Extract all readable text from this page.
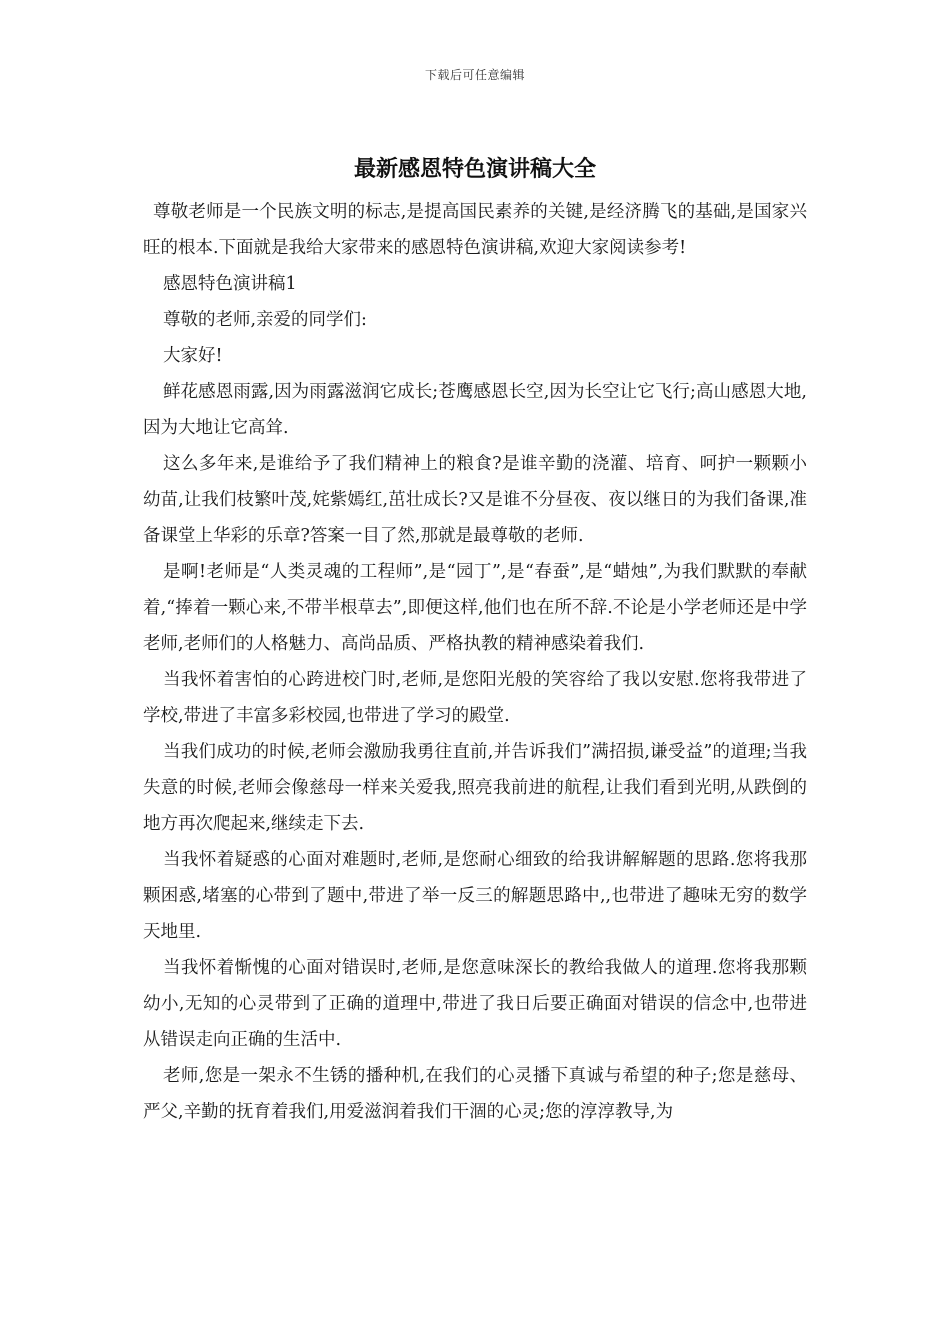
下载后可任意编辑
最新感恩特色演讲稿大全

尊敬老师是一个民族文明的标志,是提高国民素养的关键,是经济腾飞的基础,是国家兴旺的根本.下面就是我给大家带来的感恩特色演讲稿,欢迎大家阅读参考!

感恩特色演讲稿1

尊敬的老师,亲爱的同学们:

大家好!

鲜花感恩雨露,因为雨露滋润它成长;苍鹰感恩长空,因为长空让它飞行;高山感恩大地,因为大地让它高耸.

这么多年来,是谁给予了我们精神上的粮食?是谁辛勤的浇灌、培育、呵护一颗颗小幼苗,让我们枝繁叶茂,姹紫嫣红,茁壮成长?又是谁不分昼夜、夜以继日的为我们备课,准备课堂上华彩的乐章?答案一目了然,那就是最尊敬的老师.

是啊!老师是“人类灵魂的工程师”,是“园丁”,是“春蚕”,是“蜡烛”,为我们默默的奉献着,“捧着一颗心来,不带半根草去”,即便这样,他们也在所不辞.不论是小学老师还是中学老师,老师们的人格魅力、高尚品质、严格执教的精神感染着我们.

当我怀着害怕的心跨进校门时,老师,是您阳光般的笑容给了我以安慰.您将我带进了学校,带进了丰富多彩校园,也带进了学习的殿堂.

当我们成功的时候,老师会激励我勇往直前,并告诉我们”满招损,谦受益”的道理;当我失意的时候,老师会像慈母一样来关爱我,照亮我前进的航程,让我们看到光明,从跌倒的地方再次爬起来,继续走下去.

当我怀着疑惑的心面对难题时,老师,是您耐心细致的给我讲解解题的思路.您将我那颗困惑,堵塞的心带到了题中,带进了举一反三的解题思路中,,也带进了趣味无穷的数学天地里.

当我怀着惭愧的心面对错误时,老师,是您意味深长的教给我做人的道理.您将我那颗幼小,无知的心灵带到了正确的道理中,带进了我日后要正确面对错误的信念中,也带进从错误走向正确的生活中.

老师,您是一架永不生锈的播种机,在我们的心灵播下真诚与希望的种子;您是慈母、严父,辛勤的抚育着我们,用爱滋润着我们干涸的心灵;您的淳淳教导,为
